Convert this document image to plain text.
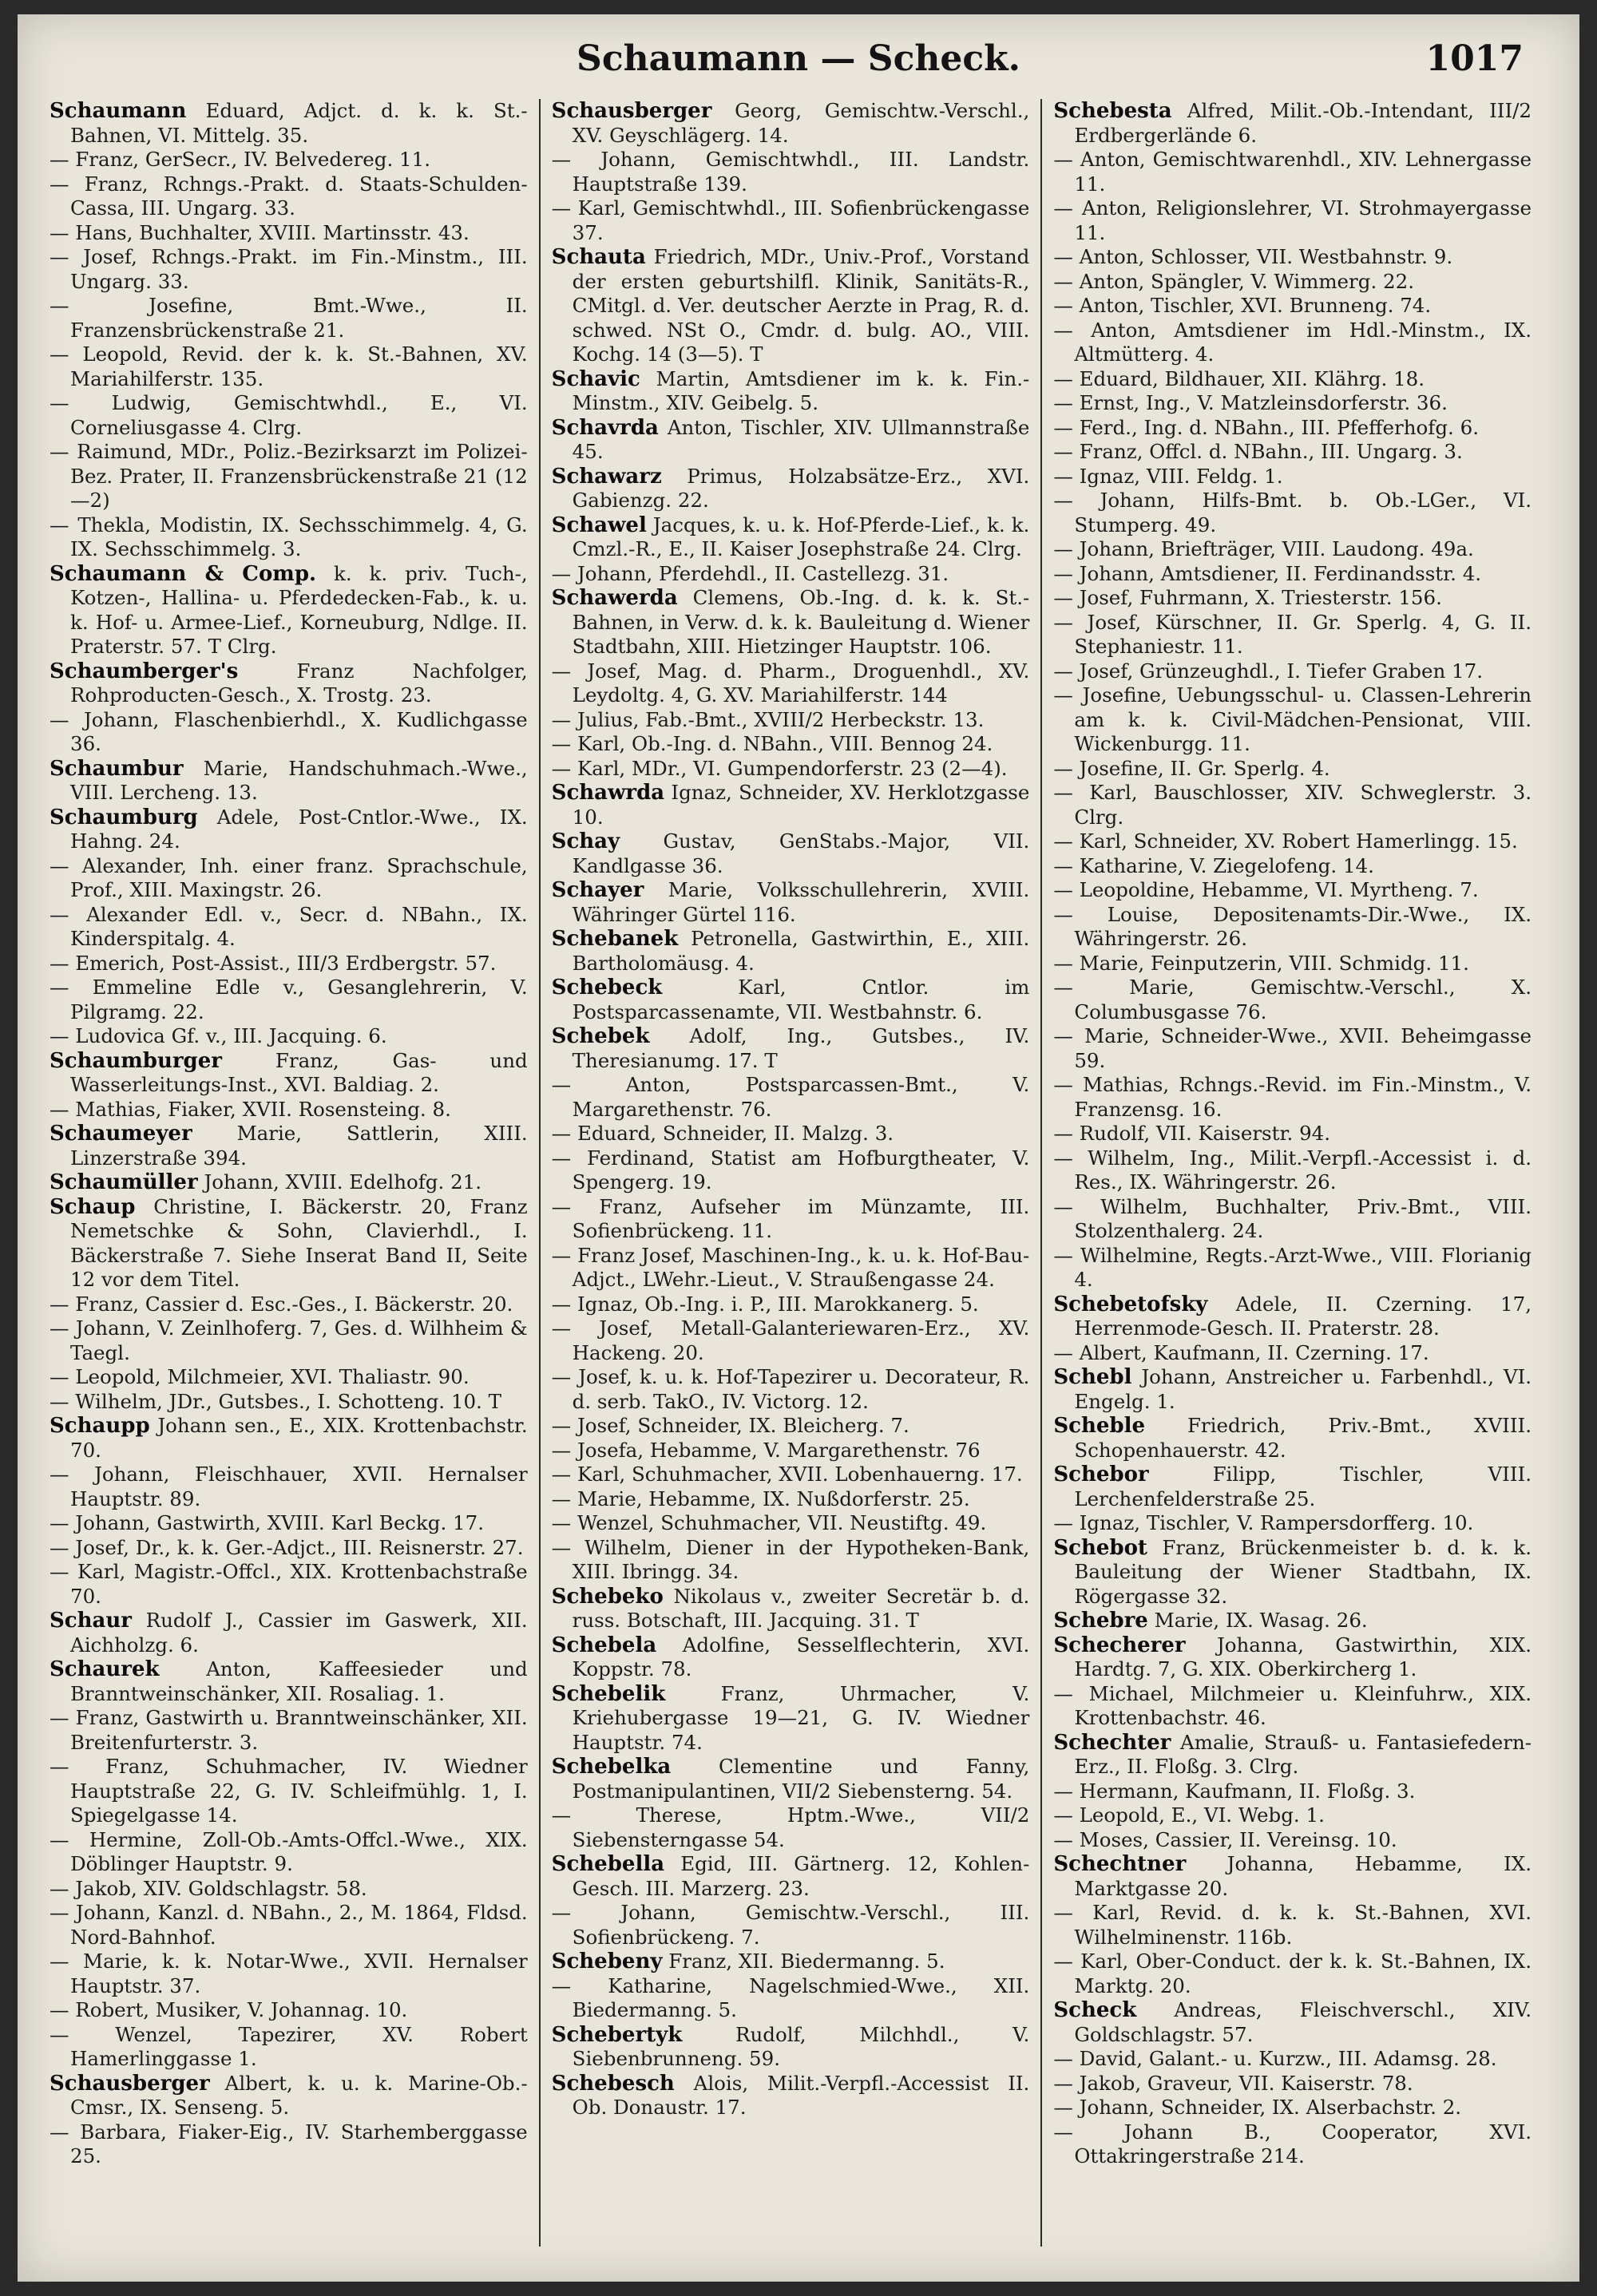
Schaumann — Scheck.	1017

Schaumann Eduard, Adjct. d. k. k. St.-Bahnen, VI. Mittelg. 35.

— Franz, GerSecr., IV. Belvedereg. 11.

— Franz, Rchngs.-Prakt. d. Staats-Schulden-Cassa, III. Ungarg. 33.

— Hans, Buchhalter, XVIII. Martinsstr. 43.

— Josef, Rchngs.-Prakt. im Fin.-Minstm., III. Ungarg. 33.

— Josefine, Bmt.-Wwe., II. Franzensbrückenstraße 21.

— Leopold, Revid. der k. k. St.-Bahnen, XV. Mariahilferstr. 135.

— Ludwig, Gemischtwhdl., E., VI. Corneliusgasse 4. Clrg.

— Raimund, MDr., Poliz.-Bezirksarzt im Polizei-Bez. Prater, II. Franzensbrückenstraße 21 (12—2)

— Thekla, Modistin, IX. Sechsschimmelg. 4, G. IX. Sechsschimmelg. 3.

Schaumann & Comp. k. k. priv. Tuch-, Kotzen-, Hallina- u. Pferdedecken-Fab., k. u. k. Hof- u. Armee-Lief., Korneuburg, Ndlge. II. Praterstr. 57. T Clrg.

Schaumberger's	Franz Nachfolger, Rohproducten-Gesch., X. Trostg. 23.

— Johann, Flaschenbierhdl., X. Kudlichgasse 36.

Schaumbur Marie, Handschuhmach.-Wwe., VIII. Lercheng. 13.

Schaumburg Adele, Post-Cntlor.-Wwe., IX. Hahng. 24.

— Alexander, Inh. einer franz. Sprachschule, Prof., XIII. Maxingstr. 26.

— Alexander Edl. v., Secr. d. NBahn., IX. Kinderspitalg. 4.

— Emerich, Post-Assist., III/3 Erdbergstr. 57.

— Emmeline Edle v., Gesanglehrerin, V. Pilgramg. 22.

— Ludovica Gf. v., III. Jacquing. 6.

Schaumburger	Franz, Gas- und Wasserleitungs-Inst., XVI. Baldiag. 2.

— Mathias, Fiaker, XVII. Rosensteing. 8.

Schaumeyer Marie, Sattlerin, XIII. Linzerstraße 394.

Schaumüller Johann, XVIII. Edelhofg. 21.

Schaup Christine, I. Bäckerstr. 20, Franz Nemetschke & Sohn, Clavierhdl., I. Bäckerstraße 7. Siehe Inserat Band II, Seite 12 vor dem Titel.

— Franz, Cassier d. Esc.-Ges., I. Bäckerstr. 20.

— Johann, V. Zeinlhoferg. 7, Ges. d. Wilhheim & Taegl.

— Leopold, Milchmeier, XVI. Thaliastr. 90.

— Wilhelm, JDr., Gutsbes., I. Schotteng. 10. T

Schaupp Johann sen., E., XIX. Krottenbachstr. 70.

— Johann, Fleischhauer, XVII. Hernalser Hauptstr. 89.

— Johann, Gastwirth, XVIII. Karl Beckg. 17.

— Josef, Dr., k. k. Ger.-Adjct., III. Reisnerstr. 27.

— Karl, Magistr.-Offcl., XIX. Krottenbachstraße 70.

Schaur Rudolf J., Cassier im Gaswerk, XII. Aichholzg. 6.

Schaurek Anton, Kaffeesieder und Branntweinschänker, XII. Rosaliag. 1.

— Franz, Gastwirth u. Branntweinschänker, XII. Breitenfurterstr. 3.

— Franz, Schuhmacher, IV. Wiedner Hauptstraße 22, G. IV. Schleifmühlg. 1, I. Spiegelgasse 14.

— Hermine, Zoll-Ob.-Amts-Offcl.-Wwe., XIX. Döblinger Hauptstr. 9.

— Jakob, XIV. Goldschlagstr. 58.

— Johann, Kanzl. d. NBahn., 2., M. 1864, Fldsd. Nord-Bahnhof.

— Marie, k. k. Notar-Wwe., XVII. Hernalser Hauptstr. 37.

— Robert, Musiker, V. Johannag. 10.

— Wenzel, Tapezirer, XV. Robert Hamerlinggasse 1.

Schausberger Albert, k. u. k. Marine-Ob.-Cmsr., IX. Senseng. 5.

— Barbara, Fiaker-Eig., IV. Starhemberggasse 25.

Schausberger Georg, Gemischtw.-Verschl., XV. Geyschlägerg. 14.

— Johann, Gemischtwhdl., III. Landstr. Hauptstraße 139.

— Karl, Gemischtwhdl., III. Sofienbrückengasse 37.

Schauta Friedrich, MDr., Univ.-Prof., Vorstand der ersten geburtshilfl. Klinik, Sanitäts-R., CMitgl. d. Ver. deutscher Aerzte in Prag, R. d. schwed. NSt O., Cmdr. d. bulg. AO., VIII. Kochg. 14 (3—5). T

Schavic Martin, Amtsdiener im k. k. Fin.-Minstm., XIV. Geibelg. 5.

Schavrda Anton, Tischler, XIV. Ullmannstraße 45.

Schawarz Primus, Holzabsätze-Erz., XVI. Gabienzg. 22.

Schawel Jacques, k. u. k. Hof-Pferde-Lief., k. k. Cmzl.-R., E., II. Kaiser Josephstraße 24. Clrg.

— Johann, Pferdehdl., II. Castellezg. 31.

Schawerda Clemens, Ob.-Ing. d. k. k. St.-Bahnen, in Verw. d. k. k. Bauleitung d. Wiener Stadtbahn, XIII. Hietzinger Hauptstr. 106.

— Josef, Mag. d. Pharm., Droguenhdl., XV. Leydoltg. 4, G. XV. Mariahilferstr. 144

— Julius, Fab.-Bmt., XVIII/2 Herbeckstr. 13.

— Karl, Ob.-Ing. d. NBahn., VIII. Bennog 24.

— Karl, MDr., VI. Gumpendorferstr. 23 (2—4).

Schawrda Ignaz, Schneider, XV. Herklotzgasse 10.

Schay Gustav, GenStabs.-Major, VII. Kandlgasse 36.

Schayer Marie, Volksschullehrerin, XVIII. Währinger Gürtel 116.

Schebanek Petronella, Gastwirthin, E., XIII. Bartholomäusg. 4.

Schebeck	Karl, Cntlor. im Postsparcassenamte, VII. Westbahnstr. 6.

Schebek Adolf, Ing., Gutsbes., IV. Theresianumg. 17. T

— Anton, Postsparcassen-Bmt., V. Margarethenstr. 76.

— Eduard, Schneider, II. Malzg. 3.

— Ferdinand, Statist am Hofburgtheater, V. Spengerg. 19.

— Franz, Aufseher im Münzamte, III. Sofienbrückeng. 11.

— Franz Josef, Maschinen-Ing., k. u. k. Hof-Bau-Adjct., LWehr.-Lieut., V. Straußengasse 24.

— Ignaz, Ob.-Ing. i. P., III. Marokkanerg. 5.

— Josef, Metall-Galanteriewaren-Erz., XV. Hackeng. 20.

— Josef, k. u. k. Hof-Tapezirer u. Decorateur, R. d. serb. TakO., IV. Victorg. 12.

— Josef, Schneider, IX. Bleicherg. 7.

— Josefa, Hebamme, V. Margarethenstr. 76

— Karl, Schuhmacher, XVII. Lobenhauerng. 17.

— Marie, Hebamme, IX. Nußdorferstr. 25.

— Wenzel, Schuhmacher, VII. Neustiftg. 49.

— Wilhelm, Diener in der Hypotheken-Bank, XIII. Ibringg. 34.

Schebeko Nikolaus v., zweiter Secretär b. d. russ. Botschaft, III. Jacquing. 31. T

Schebela Adolfine, Sesselflechterin, XVI. Koppstr. 78.

Schebelik	Franz, Uhrmacher, V. Kriehubergasse 19—21, G. IV. Wiedner Hauptstr. 74.

Schebelka Clementine und Fanny, Postmanipulantinen, VII/2 Siebensterng. 54.

— Therese, Hptm.-Wwe., VII/2 Siebensterngasse 54.

Schebella Egid, III. Gärtnerg. 12, Kohlen-Gesch. III. Marzerg. 23.

— Johann, Gemischtw.-Verschl., III. Sofienbrückeng. 7.

Schebeny Franz, XII. Biedermanng. 5.

— Katharine, Nagelschmied-Wwe., XII. Biedermanng. 5.

Schebertyk	Rudolf, Milchhdl., V. Siebenbrunneng. 59.

Schebesch Alois, Milit.-Verpfl.-Accessist II. Ob. Donaustr. 17.

Schebesta Alfred, Milit.-Ob.-Intendant, III/2 Erdbergerlände 6.

— Anton, Gemischtwarenhdl., XIV. Lehnergasse 11.

— Anton, Religionslehrer, VI. Strohmayergasse 11.

— Anton, Schlosser, VII. Westbahnstr. 9.

— Anton, Spängler, V. Wimmerg. 22.

— Anton, Tischler, XVI. Brunneng. 74.

— Anton, Amtsdiener im Hdl.-Minstm., IX. Altmütterg. 4.

— Eduard, Bildhauer, XII. Klährg. 18.

— Ernst, Ing., V. Matzleinsdorferstr. 36.

— Ferd., Ing. d. NBahn., III. Pfefferhofg. 6.

— Franz, Offcl. d. NBahn., III. Ungarg. 3.

— Ignaz, VIII. Feldg. 1.

— Johann, Hilfs-Bmt. b. Ob.-LGer., VI. Stumperg. 49.

— Johann, Briefträger, VIII. Laudong. 49a.

— Johann, Amtsdiener, II. Ferdinandsstr. 4.

— Josef, Fuhrmann, X. Triesterstr. 156.

— Josef, Kürschner, II. Gr. Sperlg. 4, G. II. Stephaniestr. 11.

— Josef, Grünzeughdl., I. Tiefer Graben 17.

— Josefine, Uebungsschul- u. Classen-Lehrerin am k. k. Civil-Mädchen-Pensionat, VIII. Wickenburgg. 11.

— Josefine, II. Gr. Sperlg. 4.

— Karl, Bauschlosser, XIV. Schweglerstr. 3. Clrg.

— Karl, Schneider, XV. Robert Hamerlingg. 15.

— Katharine, V. Ziegelofeng. 14.

— Leopoldine, Hebamme, VI. Myrtheng. 7.

— Louise, Depositenamts-Dir.-Wwe., IX. Währingerstr. 26.

— Marie, Feinputzerin, VIII. Schmidg. 11.

— Marie, Gemischtw.-Verschl., X. Columbusgasse 76.

— Marie, Schneider-Wwe., XVII. Beheimgasse 59.

— Mathias, Rchngs.-Revid. im Fin.-Minstm., V. Franzensg. 16.

— Rudolf, VII. Kaiserstr. 94.

— Wilhelm, Ing., Milit.-Verpfl.-Accessist i. d. Res., IX. Währingerstr. 26.

— Wilhelm, Buchhalter, Priv.-Bmt., VIII. Stolzenthalerg. 24.

— Wilhelmine, Regts.-Arzt-Wwe., VIII. Florianig 4.

Schebetofsky Adele, II. Czerning. 17, Herrenmode-Gesch. II. Praterstr. 28.

— Albert, Kaufmann, II. Czerning. 17.

Schebl Johann, Anstreicher u. Farbenhdl., VI. Engelg. 1.

Scheble Friedrich, Priv.-Bmt., XVIII. Schopenhauerstr. 42.

Schebor	Filipp, Tischler, VIII. Lerchenfelderstraße 25.

— Ignaz, Tischler, V. Rampersdorfferg. 10.

Schebot Franz, Brückenmeister b. d. k. k. Bauleitung der Wiener Stadtbahn, IX. Rögergasse 32.

Schebre Marie, IX. Wasag. 26.

Schecherer Johanna, Gastwirthin, XIX. Hardtg. 7, G. XIX. Oberkircherg 1.

— Michael, Milchmeier u. Kleinfuhrw., XIX. Krottenbachstr. 46.

Schechter Amalie, Strauß- u. Fantasiefedern-Erz., II. Floßg. 3. Clrg.

— Hermann, Kaufmann, II. Floßg. 3.

— Leopold, E., VI. Webg. 1.

— Moses, Cassier, II. Vereinsg. 10.

Schechtner Johanna, Hebamme, IX. Marktgasse 20.

— Karl, Revid. d. k. k. St.-Bahnen, XVI. Wilhelminenstr. 116b.

— Karl, Ober-Conduct. der k. k. St.-Bahnen, IX. Marktg. 20.

Scheck Andreas, Fleischverschl., XIV. Goldschlagstr. 57.

— David, Galant.- u. Kurzw., III. Adamsg. 28.

— Jakob, Graveur, VII. Kaiserstr. 78.

— Johann, Schneider, IX. Alserbachstr. 2.

— Johann B., Cooperator, XVI. Ottakringerstraße 214.
